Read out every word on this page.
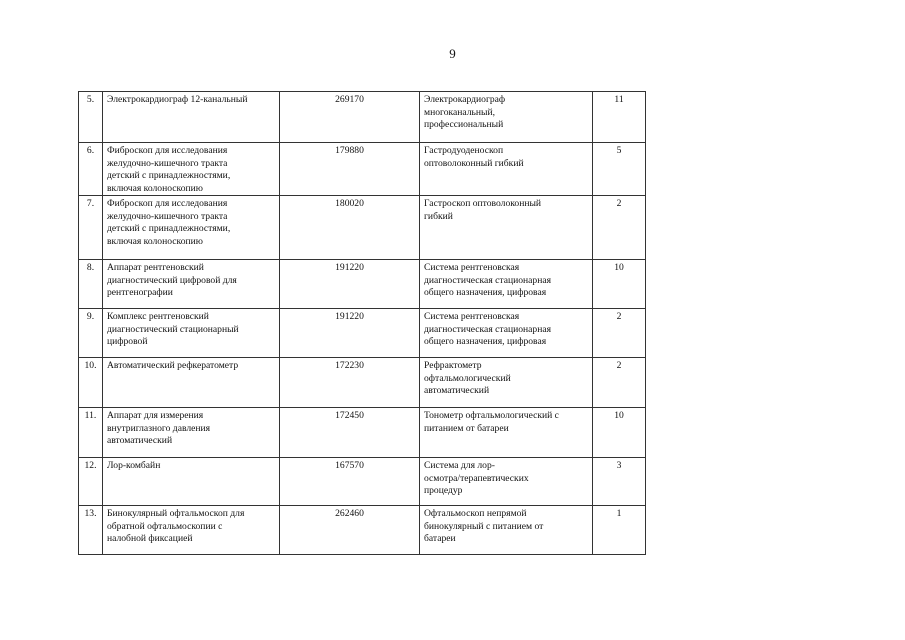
9
5.	Электрокардиограф 12-канальный	269170	Электрокардиограф
многоканальный,
профессиональный	11
6.	Фиброскоп для исследования
желудочно-кишечного тракта
детский с принадлежностями,
включая колоноскопию	179880	Гастродуоденоскоп
оптоволоконный гибкий	5
7.	Фиброскоп для исследования
желудочно-кишечного тракта
детский с принадлежностями,
включая колоноскопию	180020	Гастроскоп оптоволоконный
гибкий	2
8.	Аппарат рентгеновский
диагностический цифровой для
рентгенографии	191220	Система рентгеновская
диагностическая стационарная
общего назначения, цифровая	10
9.	Комплекс рентгеновский
диагностический стационарный
цифровой	191220	Система рентгеновская
диагностическая стационарная
общего назначения, цифровая	2
10.	Автоматический рефкератометр	172230	Рефрактометр
офтальмологический
автоматический	2
11.	Аппарат для измерения
внутриглазного давления
автоматический	172450	Тонометр офтальмологический с
питанием от батареи	10
12.	Лор-комбайн	167570	Система для лор-
осмотра/терапевтических
процедур	3
13.	Бинокулярный офтальмоскоп для
обратной офтальмоскопии с
налобной фиксацией	262460	Офтальмоскоп непрямой
бинокулярный с питанием от
батареи	1
